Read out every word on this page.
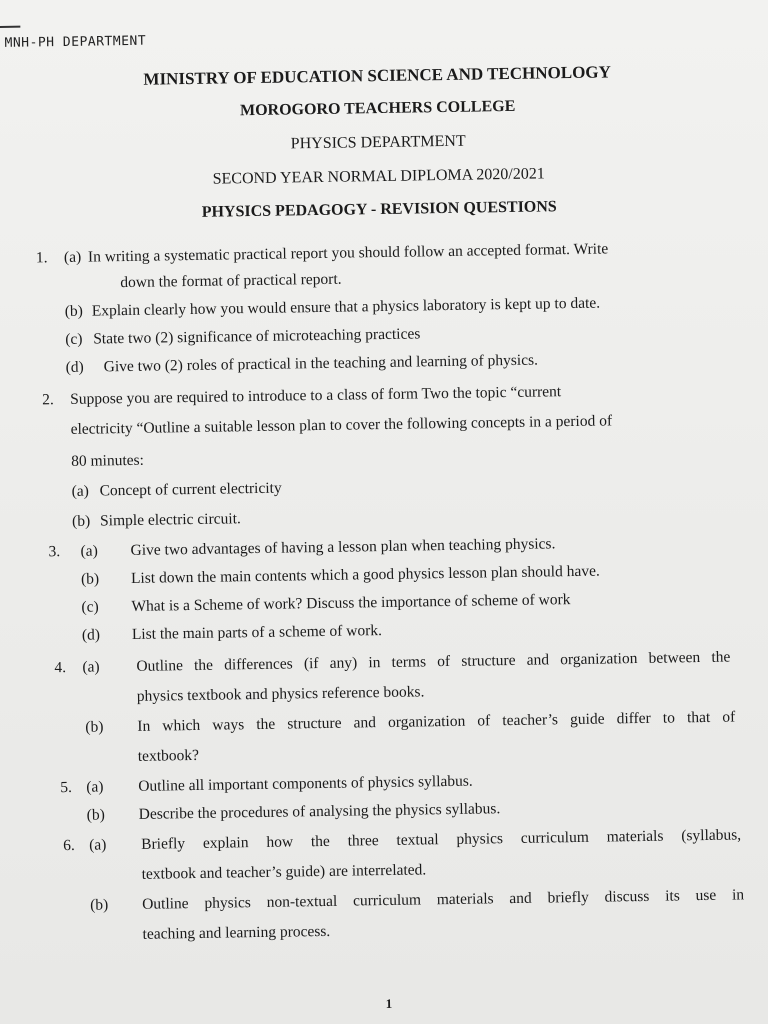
MNH-PH DEPARTMENT
MINISTRY OF EDUCATION SCIENCE AND TECHNOLOGY
MOROGORO TEACHERS COLLEGE
PHYSICS DEPARTMENT
SECOND YEAR NORMAL DIPLOMA 2020/2021
PHYSICS PEDAGOGY - REVISION QUESTIONS
1. (a) In writing a systematic practical report you should follow an accepted format. Write
down the format of practical report.
(b) Explain clearly how you would ensure that a physics laboratory is kept up to date.
(c) State two (2) significance of microteaching practices
(d) Give two (2) roles of practical in the teaching and learning of physics.
2. Suppose you are required to introduce to a class of form Two the topic “current
electricity “Outline a suitable lesson plan to cover the following concepts in a period of
80 minutes:
(a) Concept of current electricity
(b) Simple electric circuit.
3. (a) Give two advantages of having a lesson plan when teaching physics.
(b) List down the main contents which a good physics lesson plan should have.
(c) What is a Scheme of work? Discuss the importance of scheme of work
(d) List the main parts of a scheme of work.
4. (a) Outline the differences (if any) in terms of structure and organization between the
physics textbook and physics reference books.
(b) In which ways the structure and organization of teacher’s guide differ to that of
textbook?
5. (a) Outline all important components of physics syllabus.
(b) Describe the procedures of analysing the physics syllabus.
6. (a) Briefly explain how the three textual physics curriculum materials (syllabus,
textbook and teacher’s guide) are interrelated.
(b) Outline physics non-textual curriculum materials and briefly discuss its use in
teaching and learning process.
1
